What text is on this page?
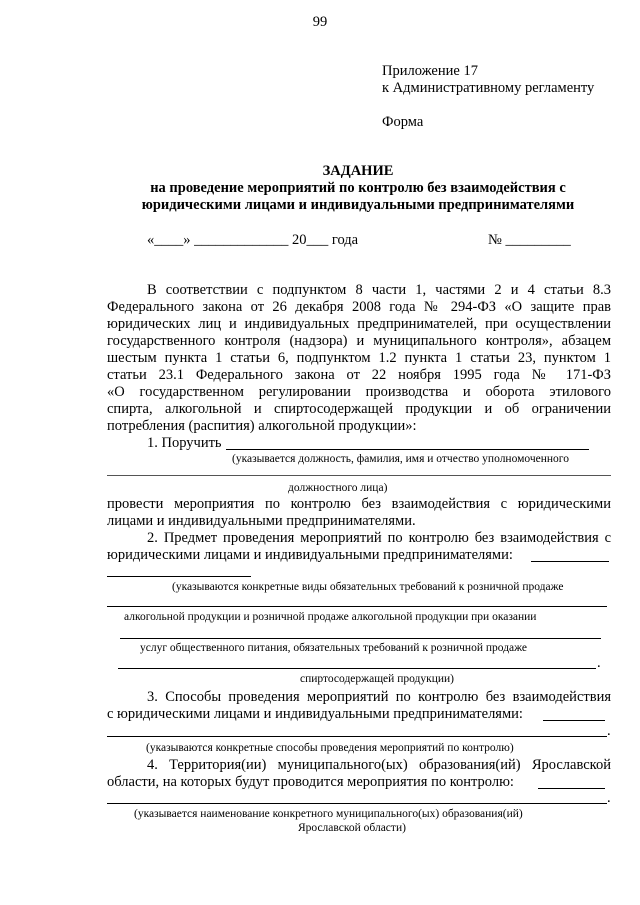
99
Приложение 17
к Административному регламенту
Форма
ЗАДАНИЕ
на проведение мероприятий по контролю без взаимодействия с
юридическими лицами и индивидуальными предпринимателями
«____» _____________ 20___ года	№ _________
В соответствии с подпунктом 8 части 1, частями 2 и 4 статьи 8.3
Федерального закона от 26 декабря 2008 года № 294-ФЗ «О защите прав
юридических лиц и индивидуальных предпринимателей, при осуществлении
государственного контроля (надзора) и муниципального контроля», абзацем
шестым пункта 1 статьи 6, подпунктом 1.2 пункта 1 статьи 23, пунктом 1
статьи 23.1 Федерального закона от 22 ноября 1995 года № 171-ФЗ
«О государственном регулировании производства и оборота этилового
спирта, алкогольной и спиртосодержащей продукции и об ограничении
потребления (распития) алкогольной продукции»:
1. Поручить
(указывается должность, фамилия, имя и отчество уполномоченного
должностного лица)
провести мероприятия по контролю без взаимодействия с юридическими
лицами и индивидуальными предпринимателями.
2. Предмет проведения мероприятий по контролю без взаимодействия с
юридическими лицами и индивидуальными предпринимателями:
(указываются конкретные виды обязательных требований к розничной продаже
алкогольной продукции и розничной продаже алкогольной продукции при оказании
услуг общественного питания, обязательных требований к розничной продаже
.
спиртосодержащей продукции)
3. Способы проведения мероприятий по контролю без взаимодействия
с юридическими лицами и индивидуальными предпринимателями:
.
(указываются конкретные способы проведения мероприятий по контролю)
4. Территория(ии) муниципального(ых) образования(ий) Ярославской
области, на которых будут проводится мероприятия по контролю:
.
(указывается наименование конкретного муниципального(ых) образования(ий)
Ярославской области)
